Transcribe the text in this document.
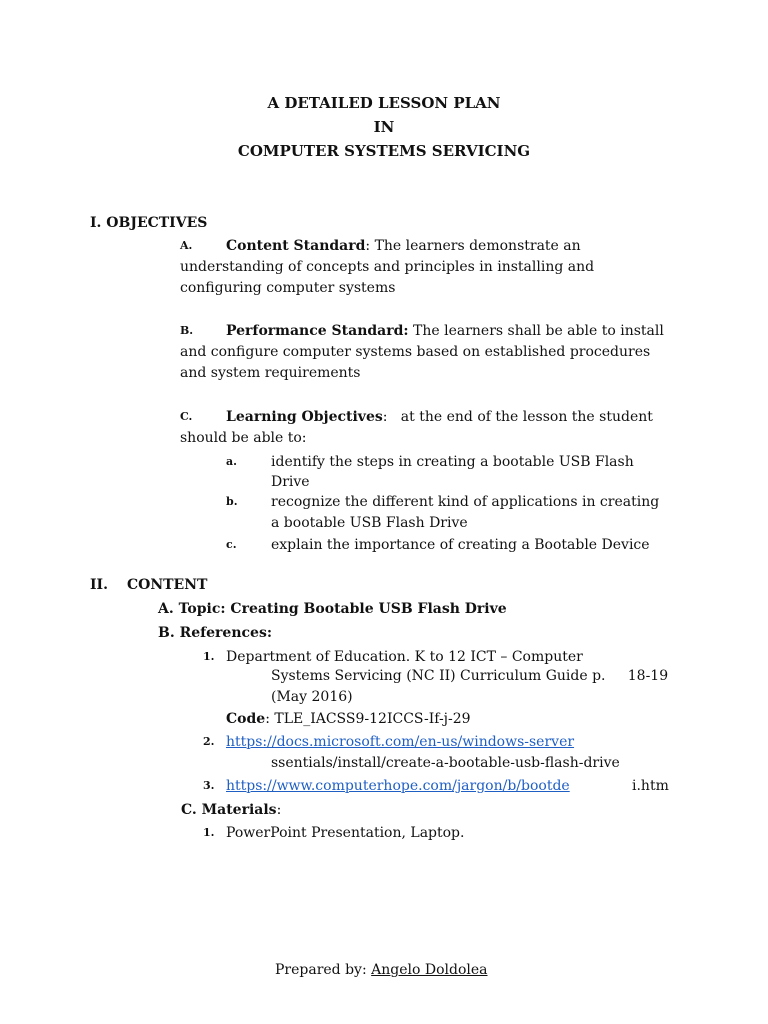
A DETAILED LESSON PLAN
IN
COMPUTER SYSTEMS SERVICING
I. OBJECTIVES
A. Content Standard: The learners demonstrate an
understanding of concepts and principles in installing and
configuring computer systems
B. Performance Standard: The learners shall be able to install
and configure computer systems based on established procedures
and system requirements
C. Learning Objectives:   at the end of the lesson the student
should be able to:
a. identify the steps in creating a bootable USB Flash
Drive
b. recognize the different kind of applications in creating
a bootable USB Flash Drive
c. explain the importance of creating a Bootable Device
II. CONTENT
A. Topic: Creating Bootable USB Flash Drive
B. References:
1. Department of Education. K to 12 ICT – Computer
Systems Servicing (NC II) Curriculum Guide p.     18-19
(May 2016)
Code: TLE_IACSS9-12ICCS-If-j-29
2. https://docs.microsoft.com/en-us/windows-server
ssentials/install/create-a-bootable-usb-flash-drive
3. https://www.computerhope.com/jargon/b/bootde	i.htm
C. Materials:
1. PowerPoint Presentation, Laptop.
Prepared by: Angelo Doldolea
